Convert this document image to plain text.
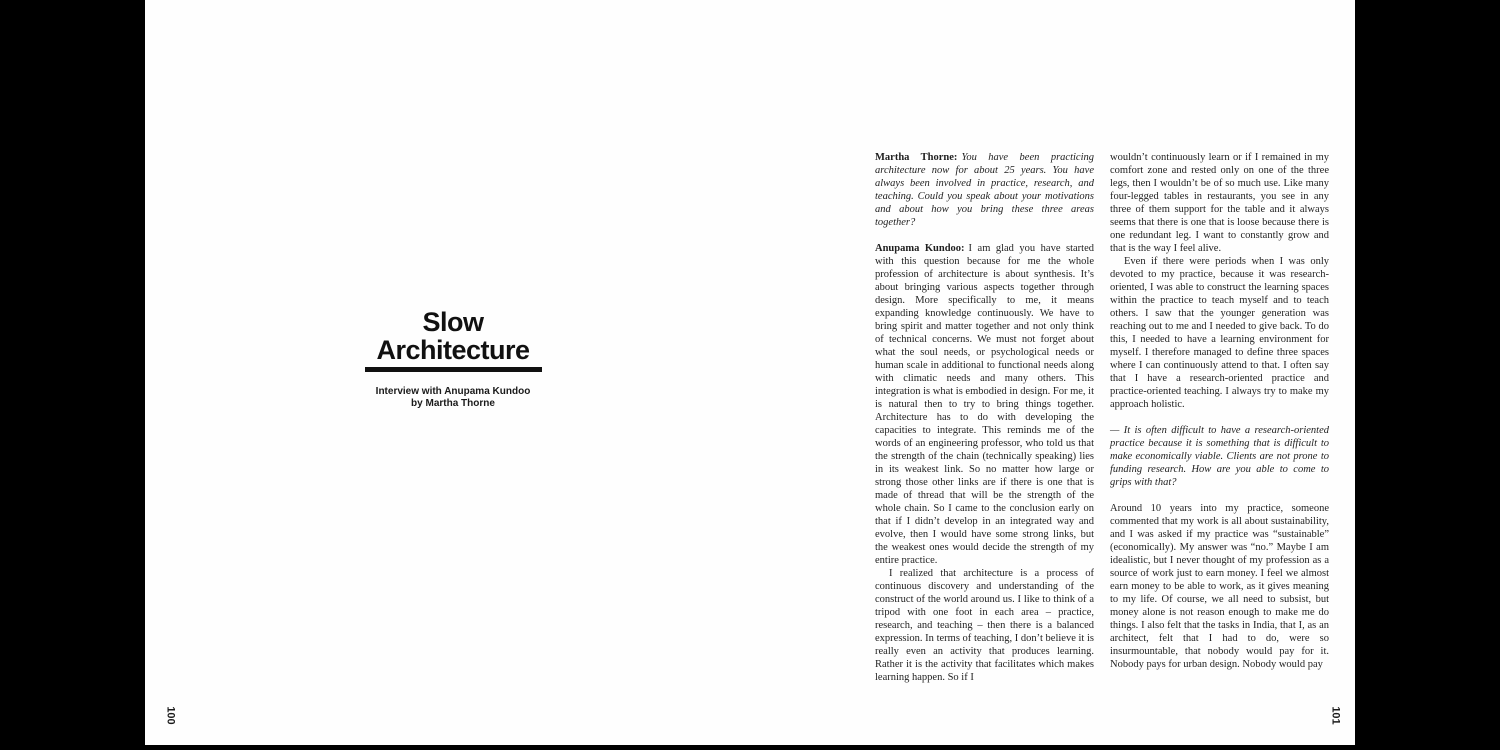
Slow
Architecture
Interview with Anupama Kundoo
by Martha Thorne
100

Martha Thorne: You have been practicing architecture now for about 25 years. You have always been involved in practice, research, and teaching. Could you speak about your motivations and about how you bring these three areas together?

Anupama Kundoo: I am glad you have started with this question because for me the whole profession of architecture is about synthesis. It’s about bringing various aspects together through design. More specifically to me, it means expanding knowledge continuously. We have to bring spirit and matter together and not only think of technical concerns. We must not forget about what the soul needs, or psychological needs or human scale in additional to functional needs along with climatic needs and many others. This integration is what is embodied in design. For me, it is natural then to try to bring things together. Architecture has to do with developing the capacities to integrate. This reminds me of the words of an engineering professor, who told us that the strength of the chain (technically speaking) lies in its weakest link. So no matter how large or strong those other links are if there is one that is made of thread that will be the strength of the whole chain. So I came to the conclusion early on that if I didn’t develop in an integrated way and evolve, then I would have some strong links, but the weakest ones would decide the strength of my entire practice.

I realized that architecture is a process of continuous discovery and understanding of the construct of the world around us. I like to think of a tripod with one foot in each area – practice, research, and teaching – then there is a balanced expression. In terms of teaching, I don’t believe it is really even an activity that produces learning. Rather it is the activity that facilitates which makes learning happen. So if I

wouldn’t continuously learn or if I remained in my comfort zone and rested only on one of the three legs, then I wouldn’t be of so much use. Like many four-legged tables in restaurants, you see in any three of them support for the table and it always seems that there is one that is loose because there is one redundant leg. I want to constantly grow and that is the way I feel alive.

Even if there were periods when I was only devoted to my practice, because it was research-oriented, I was able to construct the learning spaces within the practice to teach myself and to teach others. I saw that the younger generation was reaching out to me and I needed to give back. To do this, I needed to have a learning environment for myself. I therefore managed to define three spaces where I can continuously attend to that. I often say that I have a research-oriented practice and practice-oriented teaching. I always try to make my approach holistic.

— It is often difficult to have a research-oriented practice because it is something that is difficult to make economically viable. Clients are not prone to funding research. How are you able to come to grips with that?

Around 10 years into my practice, someone commented that my work is all about sustainability, and I was asked if my practice was “sustainable” (economically). My answer was “no.” Maybe I am idealistic, but I never thought of my profession as a source of work just to earn money. I feel we almost earn money to be able to work, as it gives meaning to my life. Of course, we all need to subsist, but money alone is not reason enough to make me do things. I also felt that the tasks in India, that I, as an architect, felt that I had to do, were so insurmountable, that nobody would pay for it. Nobody pays for urban design. Nobody would pay

101
